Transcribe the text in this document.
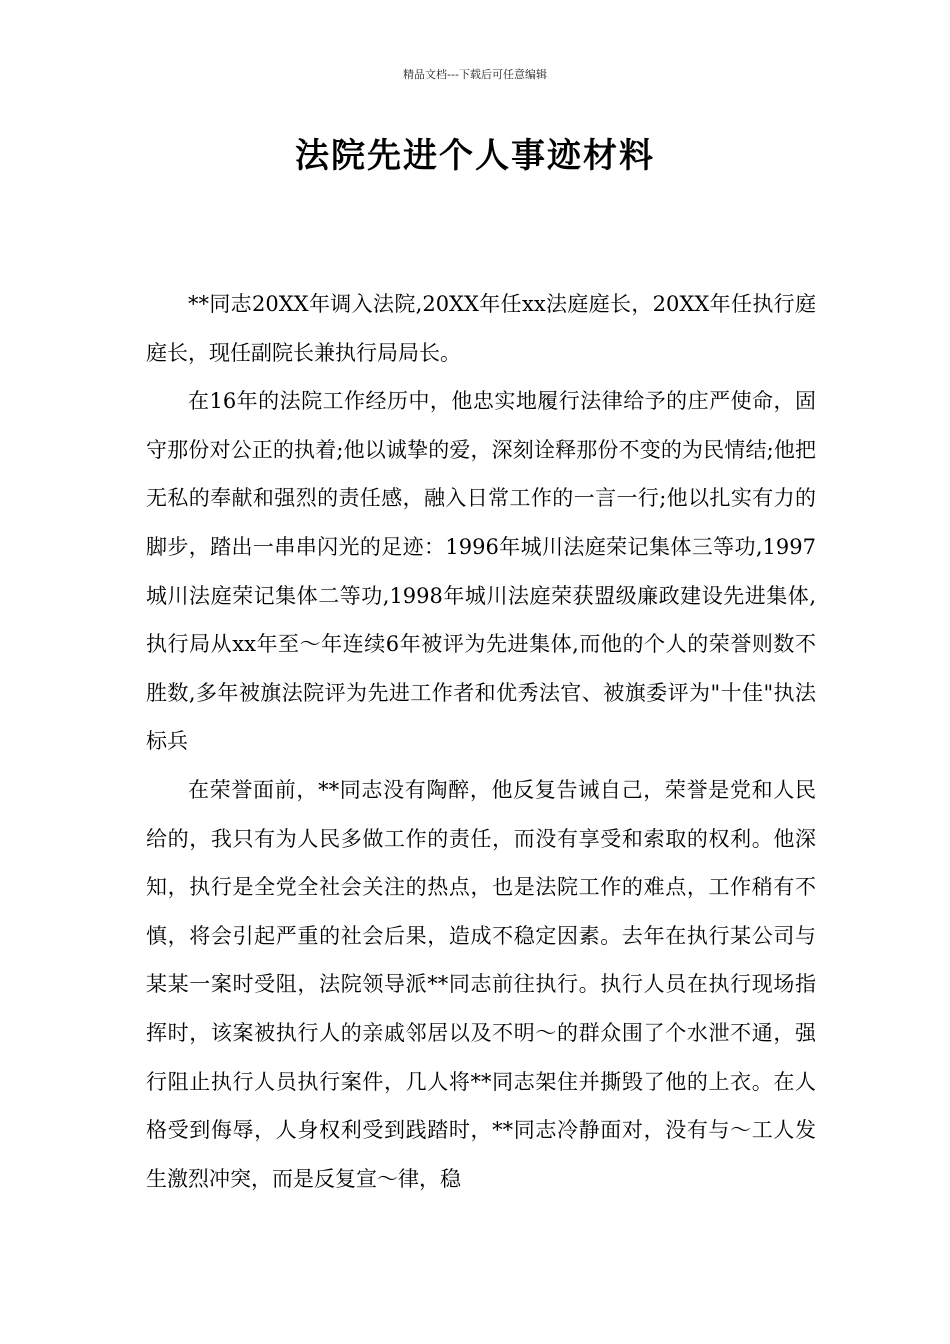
精品文档---下载后可任意编辑
法院先进个人事迹材料

**同志20XX年调入法院,20XX年任xx法庭庭长，20XX年任执行庭庭长，现任副院长兼执行局局长。

在16年的法院工作经历中，他忠实地履行法律给予的庄严使命，固守那份对公正的执着;他以诚挚的爱，深刻诠释那份不变的为民情结;他把无私的奉献和强烈的责任感，融入日常工作的一言一行;他以扎实有力的脚步，踏出一串串闪光的足迹：1996年城川法庭荣记集体三等功,1997城川法庭荣记集体二等功,1998年城川法庭荣获盟级廉政建设先进集体,执行局从xx年至～年连续6年被评为先进集体,而他的个人的荣誉则数不胜数,多年被旗法院评为先进工作者和优秀法官、被旗委评为"十佳"执法标兵

在荣誉面前，**同志没有陶醉，他反复告诫自己，荣誉是党和人民给的，我只有为人民多做工作的责任，而没有享受和索取的权利。他深知，执行是全党全社会关注的热点，也是法院工作的难点，工作稍有不慎，将会引起严重的社会后果，造成不稳定因素。去年在执行某公司与某某一案时受阻，法院领导派**同志前往执行。执行人员在执行现场指挥时，该案被执行人的亲戚邻居以及不明～的群众围了个水泄不通，强行阻止执行人员执行案件，几人将**同志架住并撕毁了他的上衣。在人格受到侮辱，人身权利受到践踏时，**同志冷静面对，没有与～工人发生激烈冲突，而是反复宣～律，稳
